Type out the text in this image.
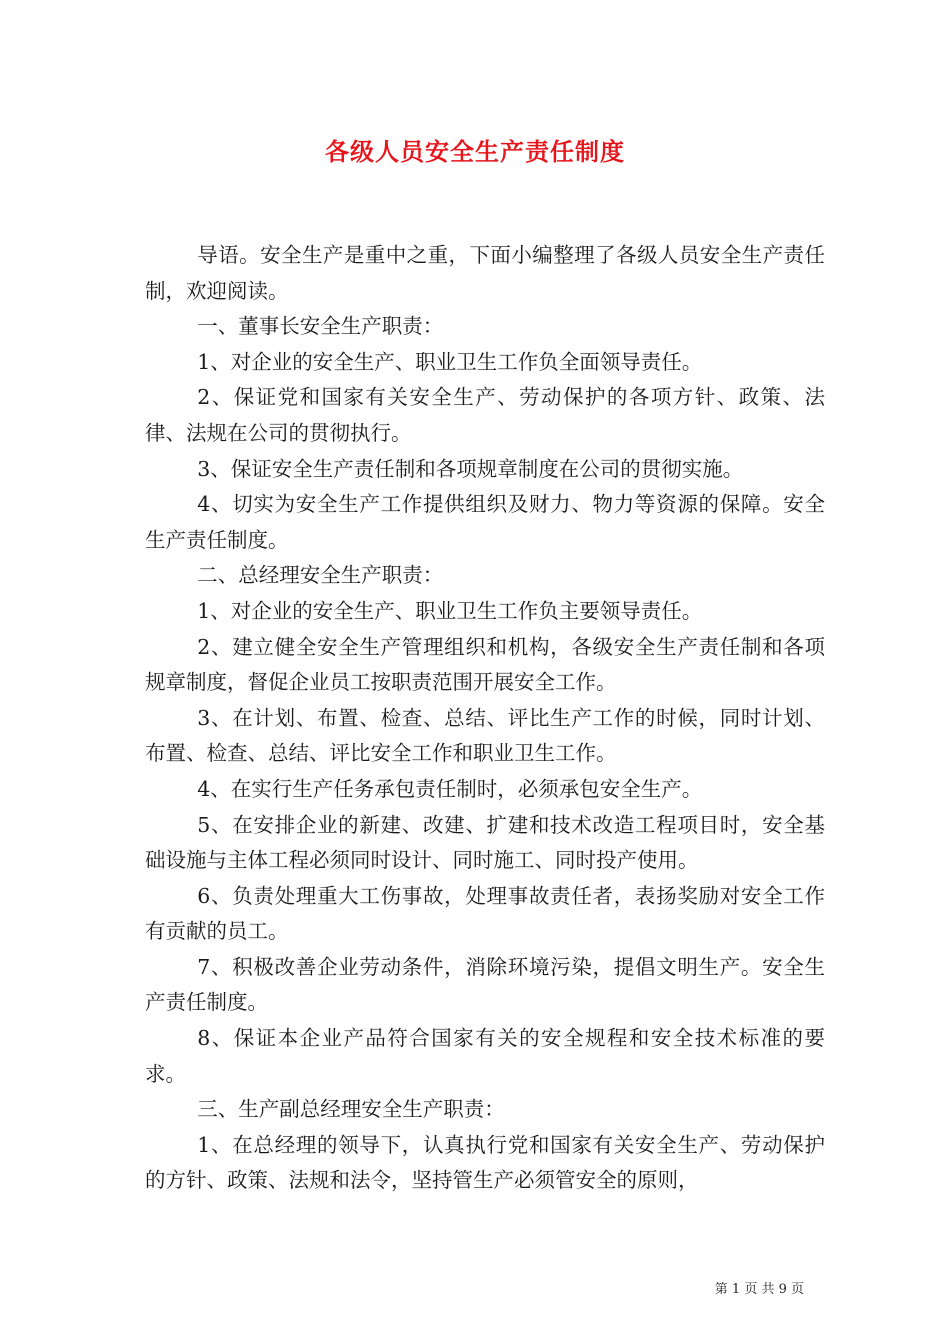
各级人员安全生产责任制度

导语。安全生产是重中之重，下面小编整理了各级人员安全生产责任制，欢迎阅读。

一、董事长安全生产职责：

1、对企业的安全生产、职业卫生工作负全面领导责任。

2、保证党和国家有关安全生产、劳动保护的各项方针、政策、法律、法规在公司的贯彻执行。

3、保证安全生产责任制和各项规章制度在公司的贯彻实施。

4、切实为安全生产工作提供组织及财力、物力等资源的保障。安全生产责任制度。

二、总经理安全生产职责：

1、对企业的安全生产、职业卫生工作负主要领导责任。

2、建立健全安全生产管理组织和机构，各级安全生产责任制和各项规章制度，督促企业员工按职责范围开展安全工作。

3、在计划、布置、检查、总结、评比生产工作的时候，同时计划、布置、检查、总结、评比安全工作和职业卫生工作。

4、在实行生产任务承包责任制时，必须承包安全生产。

5、在安排企业的新建、改建、扩建和技术改造工程项目时，安全基础设施与主体工程必须同时设计、同时施工、同时投产使用。

6、负责处理重大工伤事故，处理事故责任者，表扬奖励对安全工作有贡献的员工。

7、积极改善企业劳动条件，消除环境污染，提倡文明生产。安全生产责任制度。

8、保证本企业产品符合国家有关的安全规程和安全技术标准的要求。

三、生产副总经理安全生产职责：

1、在总经理的领导下，认真执行党和国家有关安全生产、劳动保护的方针、政策、法规和法令，坚持管生产必须管安全的原则，

第 1 页 共 9 页
